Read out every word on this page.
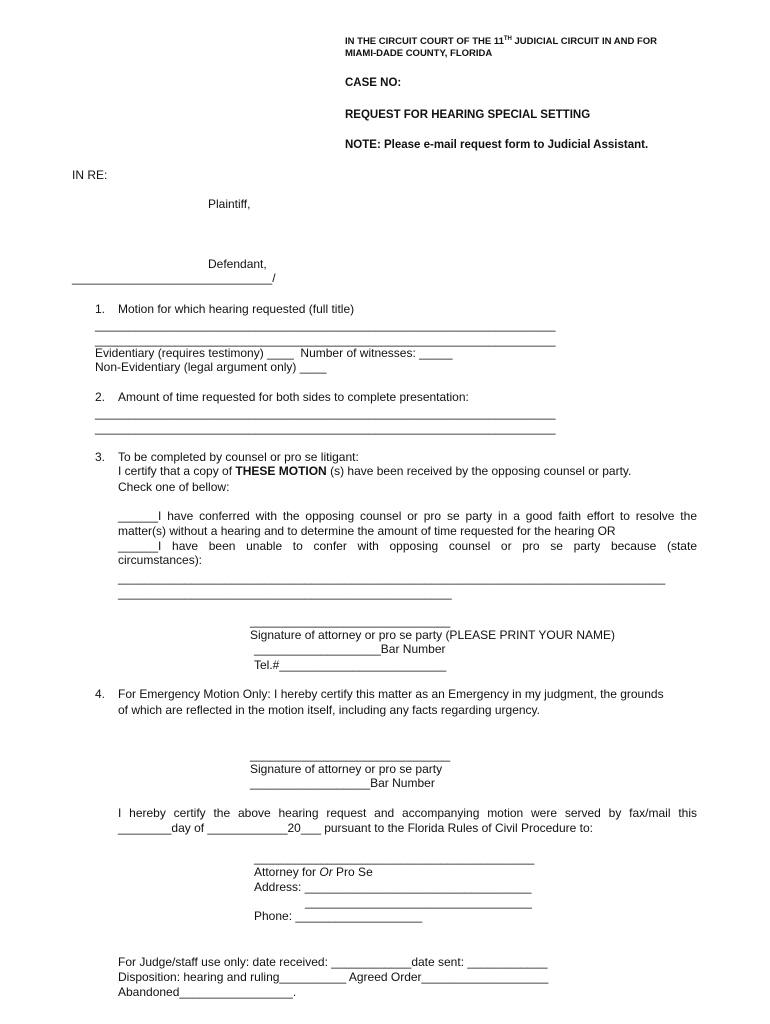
IN THE CIRCUIT COURT OF THE 11TH JUDICIAL CIRCUIT IN AND FOR
MIAMI-DADE COUNTY, FLORIDA
CASE NO:
REQUEST FOR HEARING SPECIAL SETTING
NOTE: Please e-mail request form to Judicial Assistant.
IN RE:
Plaintiff,
Defendant,
______________________________/
1.	Motion for which hearing requested (full title)
_____________________________________________________________________
_____________________________________________________________________
Evidentiary (requires testimony) ____  Number of witnesses: _____
Non-Evidentiary (legal argument only) ____
2.	Amount of time requested for both sides to complete presentation:
_____________________________________________________________________
_____________________________________________________________________
3.	To be completed by counsel or pro se litigant:
I certify that a copy of THESE MOTION (s) have been received by the opposing counsel or party.
Check one of bellow:
______I have conferred with the opposing counsel or pro se party in a good faith effort to resolve the
matter(s) without a hearing and to determine the amount of time requested for the hearing OR
______I have been unable to confer with opposing counsel or pro se party because (state
circumstances):
__________________________________________________________________________________
__________________________________________________
______________________________
Signature of attorney or pro se party (PLEASE PRINT YOUR NAME)
___________________Bar Number
Tel.#_________________________
4.	For Emergency Motion Only: I hereby certify this matter as an Emergency in my judgment, the grounds
of which are reflected in the motion itself, including any facts regarding urgency.
______________________________
Signature of attorney or pro se party
__________________Bar Number
I hereby certify the above hearing request and accompanying motion were served by fax/mail this
________day of ____________20___ pursuant to the Florida Rules of Civil Procedure to:
__________________________________________
Attorney for Or Pro Se
Address: __________________________________
__________________________________
Phone: ___________________
For Judge/staff use only: date received: ____________date sent: ____________
Disposition: hearing and ruling__________ Agreed Order___________________
Abandoned_________________.
